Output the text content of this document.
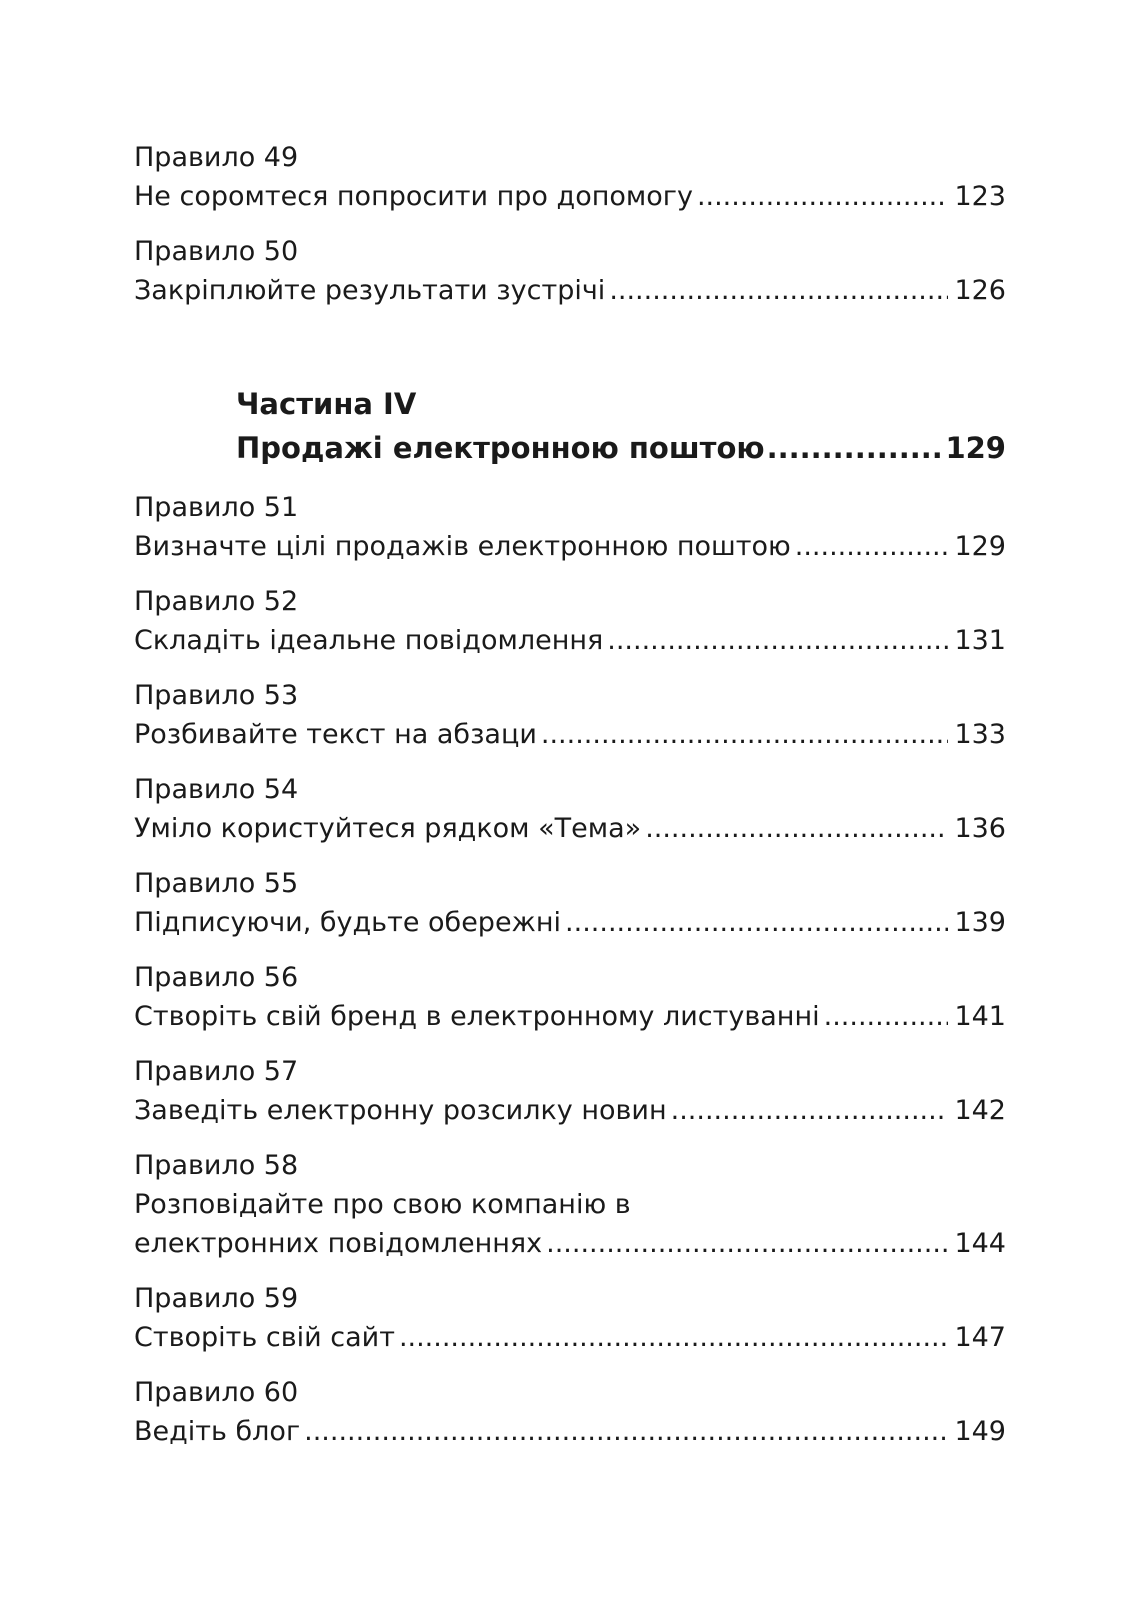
Правило 49
Не соромтеся попросити про допомогу .....	123
Правило 50
Закріплюйте результати зустрічі .....	126
Частина IV
Продажі електронною поштою .....	129
Правило 51
Визначте цілі продажів електронною поштою .....	129
Правило 52
Складіть ідеальне повідомлення .....	131
Правило 53
Розбивайте текст на абзаци .....	133
Правило 54
Уміло користуйтеся рядком «Тема» .....	136
Правило 55
Підписуючи, будьте обережні .....	139
Правило 56
Створіть свій бренд в електронному листуванні .....	141
Правило 57
Заведіть електронну розсилку новин .....	142
Правило 58
Розповідайте про свою компанію в
електронних повідомленнях .....	144
Правило 59
Створіть свій сайт .....	147
Правило 60
Ведіть блог .....	149
